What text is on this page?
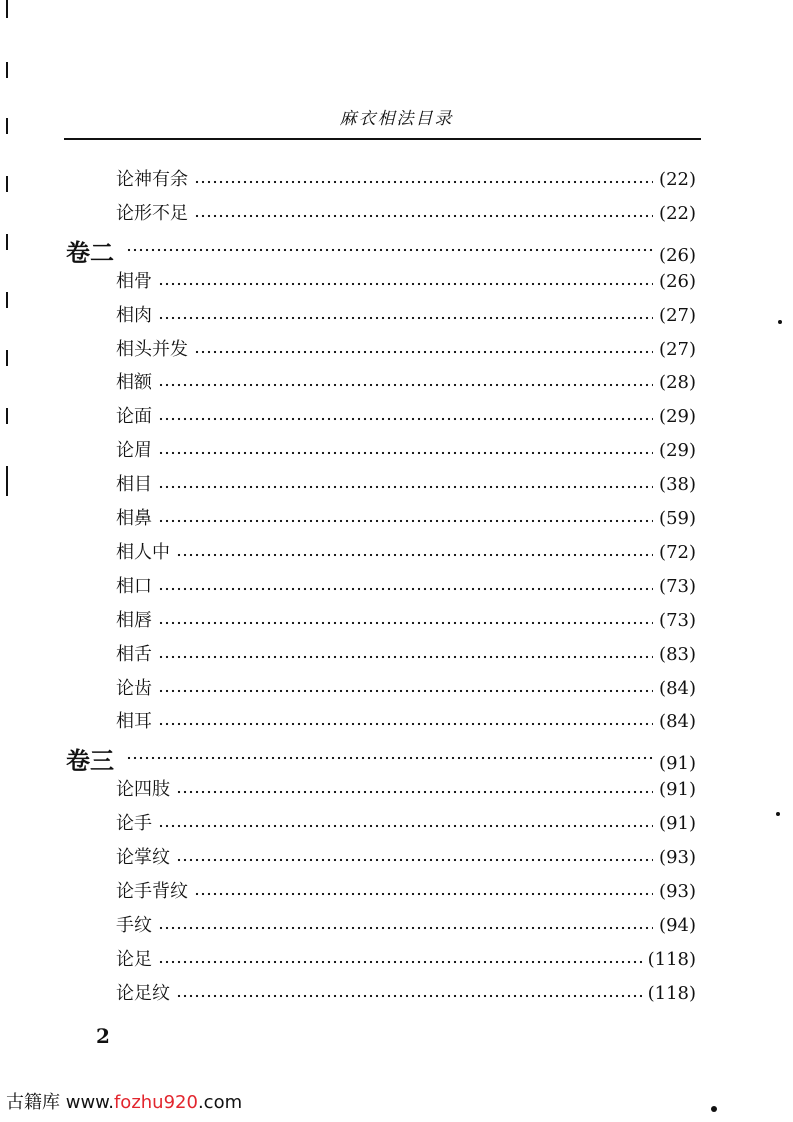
麻衣相法目录
论神有余	(22)
论形不足	(22)
卷二	(26)
相骨	(26)
相肉	(27)
相头并发	(27)
相额	(28)
论面	(29)
论眉	(29)
相目	(38)
相鼻	(59)
相人中	(72)
相口	(73)
相唇	(73)
相舌	(83)
论齿	(84)
相耳	(84)
卷三	(91)
论四肢	(91)
论手	(91)
论掌纹	(93)
论手背纹	(93)
手纹	(94)
论足	(118)
论足纹	(118)
2
古籍库 www.fozhu920.com
